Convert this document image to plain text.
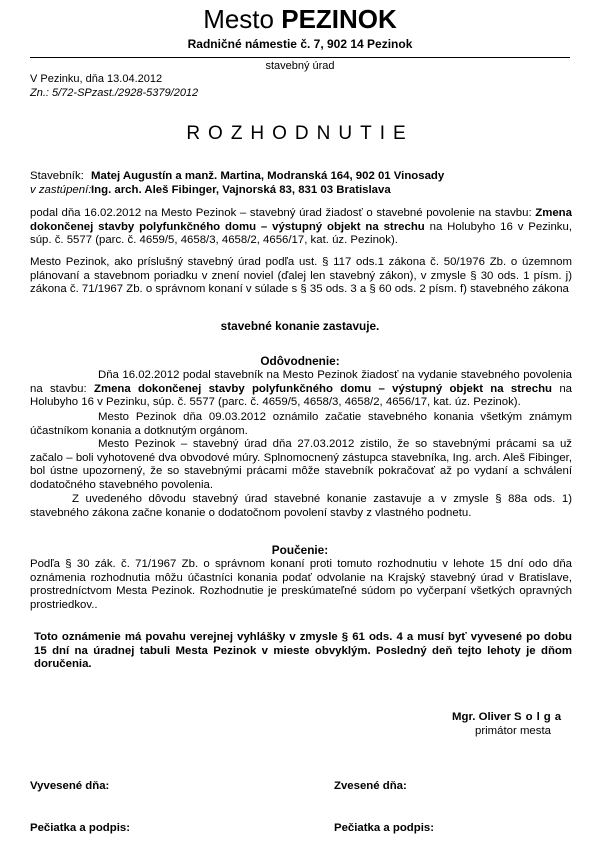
Mesto PEZINOK
Radničné námestie č. 7, 902 14 Pezinok
stavebný úrad
V Pezinku, dňa 13.04.2012
Zn.: 5/72-SPzast./2928-5379/2012
ROZHODNUTIE
Stavebník: Matej Augustín a manž. Martina, Modranská 164, 902 01 Vinosady
v zastúpení:Ing. arch. Aleš Fibinger, Vajnorská 83, 831 03 Bratislava
podal dňa 16.02.2012 na Mesto Pezinok – stavebný úrad žiadosť o stavebné povolenie na stavbu: Zmena dokončenej stavby polyfunkčného domu – výstupný objekt na strechu na Holubyho 16 v Pezinku, súp. č. 5577 (parc. č. 4659/5, 4658/3, 4658/2, 4656/17, kat. úz. Pezinok).
Mesto Pezinok, ako príslušný stavebný úrad podľa ust. § 117 ods.1 zákona č. 50/1976 Zb. o územnom plánovaní a stavebnom poriadku v znení noviel (ďalej len stavebný zákon), v zmysle § 30 ods. 1 písm. j) zákona č. 71/1967 Zb. o správnom konaní v súlade s § 35 ods. 3 a § 60 ods. 2 písm. f) stavebného zákona
stavebné konanie zastavuje.
Odôvodnenie:
Dňa 16.02.2012 podal stavebník na Mesto Pezinok žiadosť na vydanie stavebného povolenia na stavbu: Zmena dokončenej stavby polyfunkčného domu – výstupný objekt na strechu na Holubyho 16 v Pezinku, súp. č. 5577 (parc. č. 4659/5, 4658/3, 4658/2, 4656/17, kat. úz. Pezinok).
Mesto Pezinok dňa 09.03.2012 oznámilo začatie stavebného konania všetkým známym účastníkom konania a dotknutým orgánom.
Mesto Pezinok – stavebný úrad dňa 27.03.2012 zistilo, že so stavebnými prácami sa už začalo – boli vyhotovené dva obvodové múry. Splnomocnený zástupca stavebníka, Ing. arch. Aleš Fibinger, bol ústne upozornený, že so stavebnými prácami môže stavebník pokračovať až po vydaní a schválení dodatočného stavebného povolenia.
Z uvedeného dôvodu stavebný úrad stavebné konanie zastavuje a v zmysle § 88a ods. 1) stavebného zákona začne konanie o dodatočnom povolení stavby z vlastného podnetu.
Poučenie:
Podľa § 30 zák. č. 71/1967 Zb. o správnom konaní proti tomuto rozhodnutiu v lehote 15 dní odo dňa oznámenia rozhodnutia môžu účastníci konania podať odvolanie na Krajský stavebný úrad v Bratislave, prostredníctvom Mesta Pezinok. Rozhodnutie je preskúmateľné súdom po vyčerpaní všetkých opravných prostriedkov..
Toto oznámenie má povahu verejnej vyhlášky v zmysle § 61 ods. 4 a musí byť vyvesené po dobu 15 dní na úradnej tabuli Mesta Pezinok v mieste obvyklým. Posledný deň tejto lehoty je dňom doručenia.
Mgr. Oliver Solga
primátor mesta
Vyvesené dňa:	Zvesené dňa:
Pečiatka a podpis:	Pečiatka a podpis:
